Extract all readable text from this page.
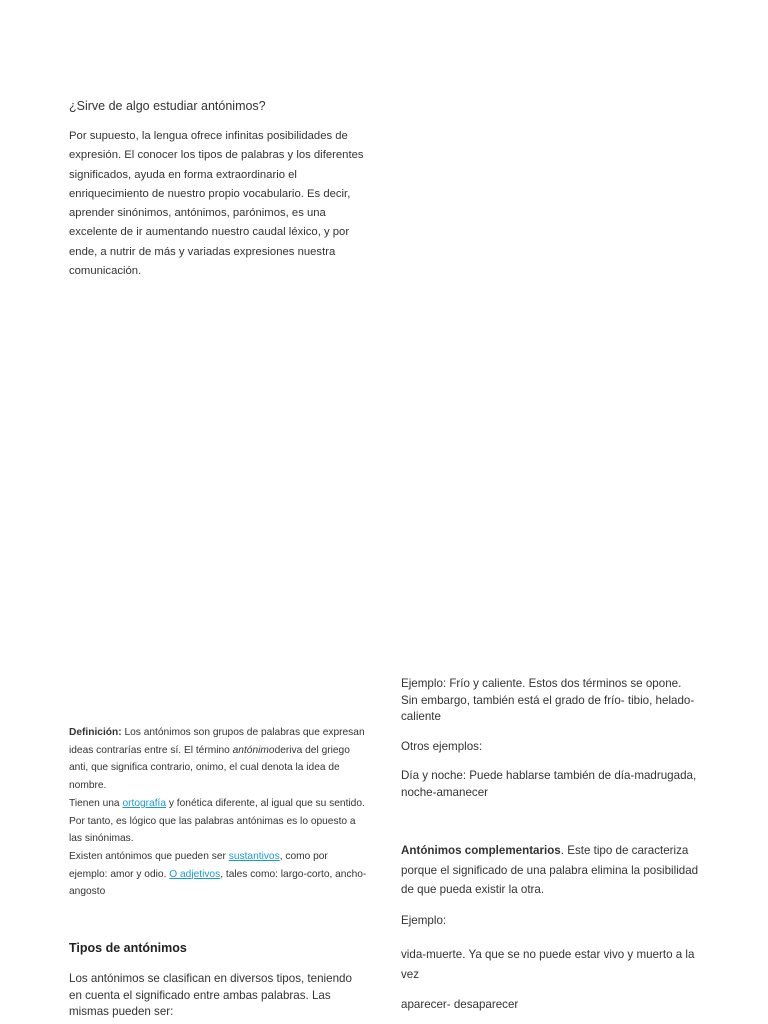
¿Sirve de algo estudiar antónimos?

Por supuesto, la lengua ofrece infinitas posibilidades de expresión. El conocer los tipos de palabras y los diferentes significados, ayuda en forma extraordinario el enriquecimiento de nuestro propio vocabulario. Es decir, aprender sinónimos, antónimos, parónimos, es una excelente de ir aumentando nuestro caudal léxico, y por ende, a nutrir de más y variadas expresiones nuestra comunicación.

Definición: Los antónimos son grupos de palabras que expresan ideas contrarías entre sí. El término antónimoderiva del griego anti, que significa contrario, onimo, el cual denota la idea de nombre.

Tienen una ortografía y fonética diferente, al igual que su sentido. Por tanto, es lógico que las palabras antónimas es lo opuesto a las sinónimas.

Existen antónimos que pueden ser sustantivos, como por ejemplo: amor y odio. O adjetivos, tales como: largo-corto, ancho- angosto

Tipos de antónimos

Los antónimos se clasifican en diversos tipos, teniendo en cuenta el significado entre ambas palabras. Las mismas pueden ser:

Ejemplo: Frío y caliente. Estos dos términos se opone. Sin embargo, también está el grado de frío- tibio, helado-caliente

Otros ejemplos:

Día y noche: Puede hablarse también de día-madrugada, noche-amanecer

Antónimos complementarios. Este tipo de caracteriza porque el significado de una palabra elimina la posibilidad de que pueda existir la otra.

Ejemplo:

vida-muerte. Ya que se no puede estar vivo y muerto a la vez

aparecer- desaparecer
